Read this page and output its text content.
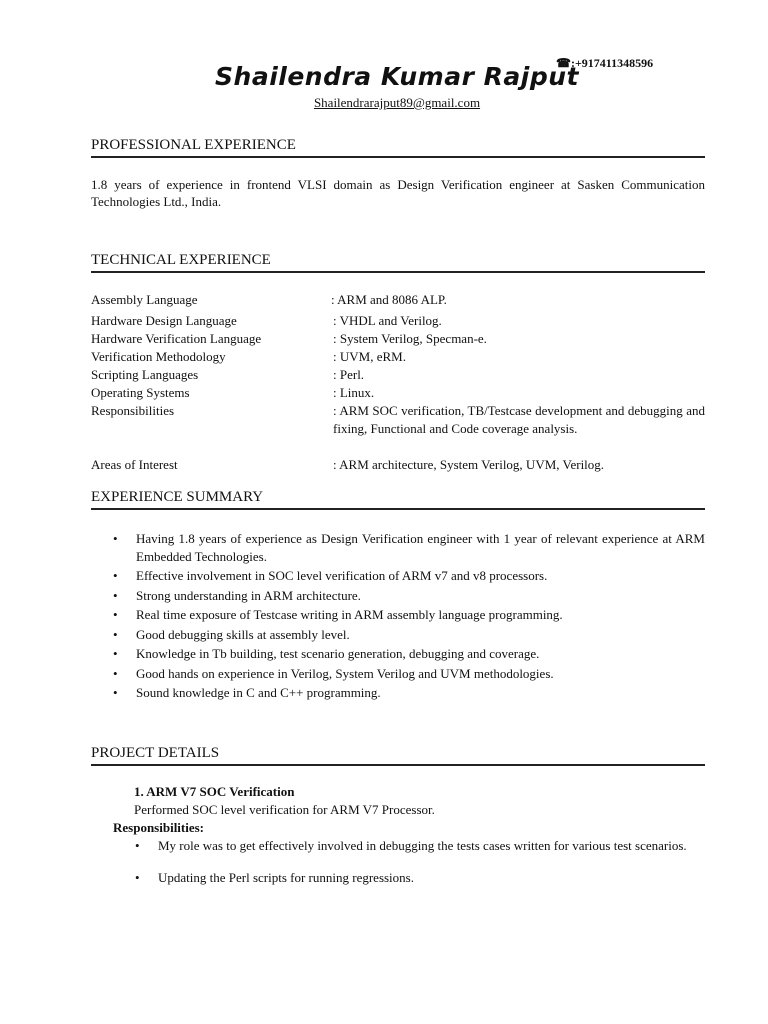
☎:+917411348596
Shailendra Kumar Rajput
Shailendrarajput89@gmail.com
PROFESSIONAL EXPERIENCE
1.8 years of experience in frontend VLSI domain as Design Verification engineer at Sasken Communication Technologies Ltd., India.
TECHNICAL EXPERIENCE
Assembly Language	: ARM and 8086 ALP.
Hardware Design Language	: VHDL and Verilog.
Hardware Verification Language	: System Verilog, Specman-e.
Verification Methodology	: UVM, eRM.
Scripting Languages	: Perl.
Operating Systems	: Linux.
Responsibilities	: ARM SOC verification, TB/Testcase development and debugging and fixing, Functional and Code coverage analysis.
Areas of Interest	: ARM architecture, System Verilog, UVM, Verilog.
EXPERIENCE SUMMARY
• Having 1.8 years of experience as Design Verification engineer with 1 year of relevant experience at ARM Embedded Technologies.
• Effective involvement in SOC level verification of ARM v7 and v8 processors.
• Strong understanding in ARM architecture.
• Real time exposure of Testcase writing in ARM assembly language programming.
• Good debugging skills at assembly level.
• Knowledge in Tb building, test scenario generation, debugging and coverage.
• Good hands on experience in Verilog, System Verilog and UVM methodologies.
• Sound knowledge in C and C++ programming.
PROJECT DETAILS
1. ARM V7 SOC Verification
Performed SOC level verification for ARM V7 Processor.
Responsibilities:
• My role was to get effectively involved in debugging the tests cases written for various test scenarios.
• Updating the Perl scripts for running regressions.
